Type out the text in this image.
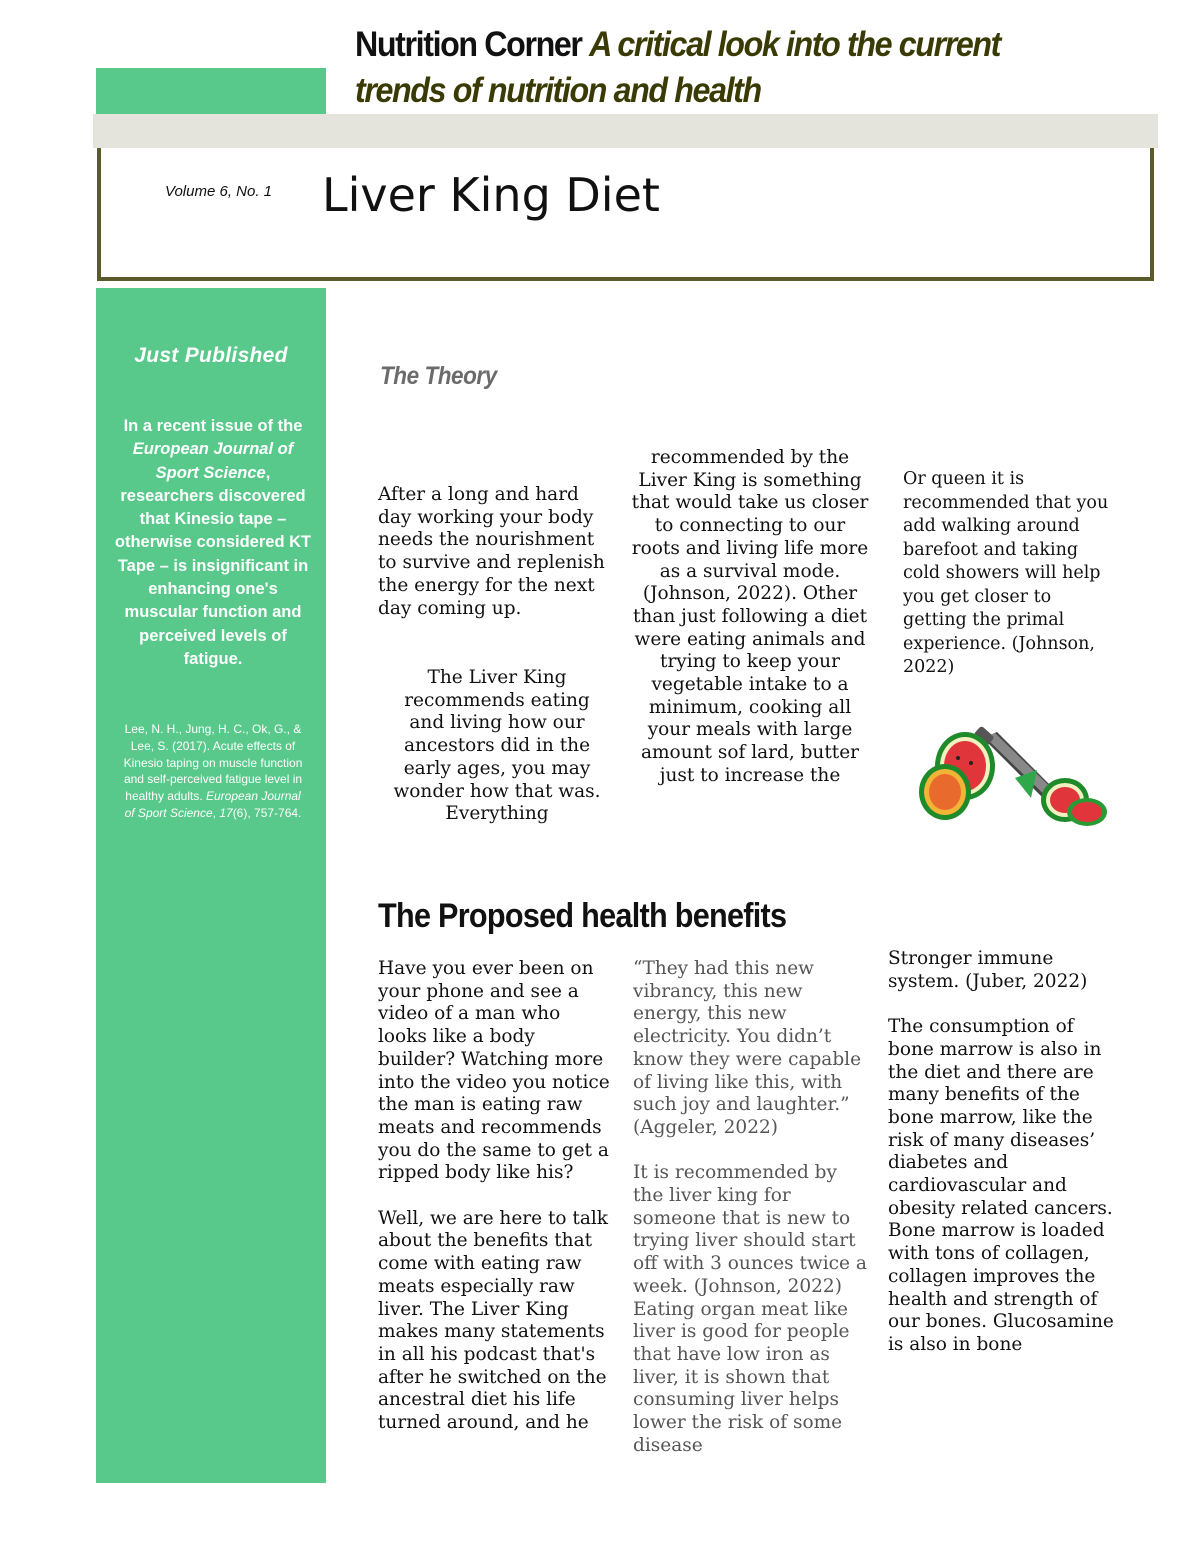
Nutrition Corner A critical look into the current
trends of nutrition and health
Volume 6, No. 1 Liver King Diet
Just Published
In a recent issue of the European Journal of Sport Science, researchers discovered that Kinesio tape – otherwise considered KT Tape – is insignificant in enhancing one's muscular function and perceived levels of fatigue.
Lee, N. H., Jung, H. C., Ok, G., & Lee, S. (2017). Acute effects of Kinesio taping on muscle function and self-perceived fatigue level in healthy adults. European Journal of Sport Science, 17(6), 757-764.
The Theory

After a long and hard day working your body needs the nourishment to survive and replenish the energy for the next day coming up.

The Liver King recommends eating and living how our ancestors did in the early ages, you may wonder how that was. Everything

recommended by the Liver King is something that would take us closer to connecting to our roots and living life more as a survival mode. (Johnson, 2022). Other than just following a diet were eating animals and trying to keep your vegetable intake to a minimum, cooking all your meals with large amount sof lard, butter just to increase the

Or queen it is recommended that you add walking around barefoot and taking cold showers will help you get closer to getting the primal experience. (Johnson, 2022)

The Proposed health benefits

Have you ever been on your phone and see a video of a man who looks like a body builder? Watching more into the video you notice the man is eating raw meats and recommends you do the same to get a ripped body like his?

Well, we are here to talk about the benefits that come with eating raw meats especially raw liver. The Liver King makes many statements in all his podcast that's after he switched on the ancestral diet his life turned around, and he

“They had this new vibrancy, this new energy, this new electricity. You didn’t know they were capable of living like this, with such joy and laughter.” (Aggeler, 2022)

It is recommended by the liver king for someone that is new to trying liver should start off with 3 ounces twice a week. (Johnson, 2022) Eating organ meat like liver is good for people that have low iron as liver, it is shown that consuming liver helps lower the risk of some disease

Stronger immune system. (Juber, 2022)

The consumption of bone marrow is also in the diet and there are many benefits of the bone marrow, like the risk of many diseases’ diabetes and cardiovascular and obesity related cancers. Bone marrow is loaded with tons of collagen, collagen improves the health and strength of our bones. Glucosamine is also in bone
